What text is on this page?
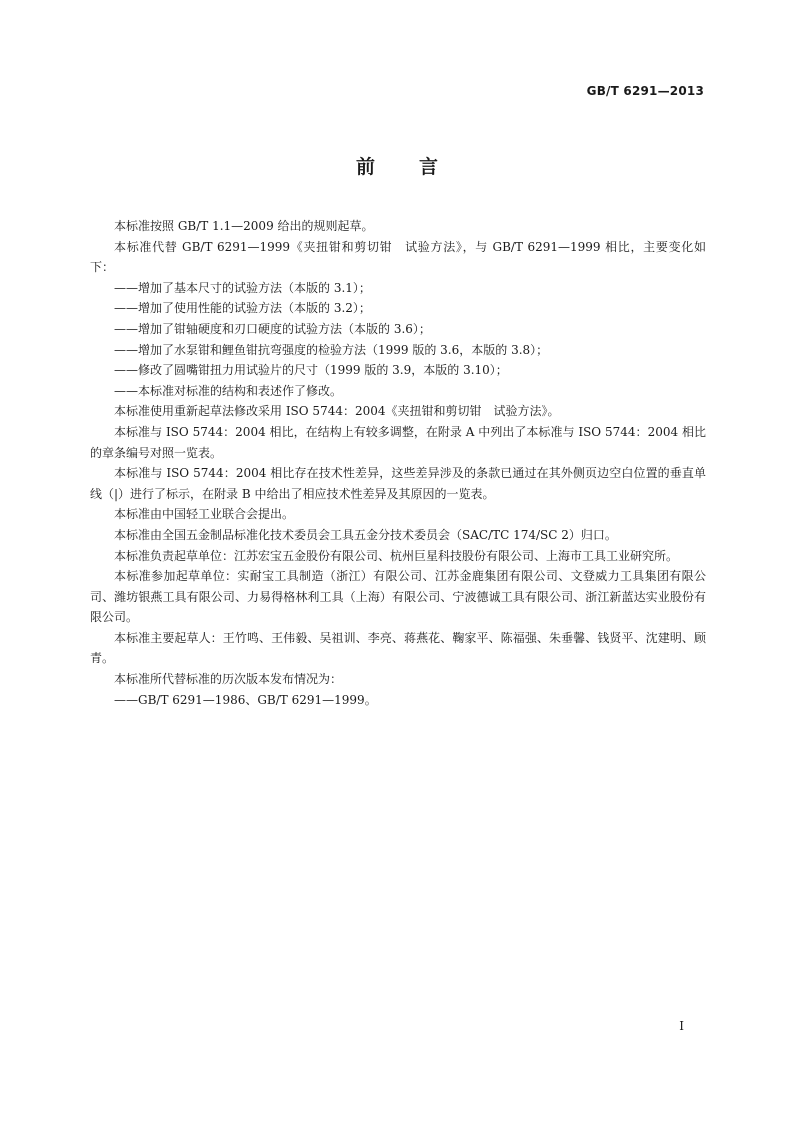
GB/T 6291—2013
前言

本标准按照 GB/T 1.1—2009 给出的规则起草。

本标准代替 GB/T 6291—1999《夹扭钳和剪切钳　试验方法》，与 GB/T 6291—1999 相比，主要变化如下：

——增加了基本尺寸的试验方法（本版的 3.1）；

——增加了使用性能的试验方法（本版的 3.2）；

——增加了钳轴硬度和刃口硬度的试验方法（本版的 3.6）；

——增加了水泵钳和鲤鱼钳抗弯强度的检验方法（1999 版的 3.6，本版的 3.8）；

——修改了圆嘴钳扭力用试验片的尺寸（1999 版的 3.9，本版的 3.10）；

——本标准对标准的结构和表述作了修改。

本标准使用重新起草法修改采用 ISO 5744：2004《夹扭钳和剪切钳　试验方法》。

本标准与 ISO 5744：2004 相比，在结构上有较多调整，在附录 A 中列出了本标准与 ISO 5744：2004 相比的章条编号对照一览表。

本标准与 ISO 5744：2004 相比存在技术性差异，这些差异涉及的条款已通过在其外侧页边空白位置的垂直单线（|）进行了标示，在附录 B 中给出了相应技术性差异及其原因的一览表。

本标准由中国轻工业联合会提出。

本标准由全国五金制品标准化技术委员会工具五金分技术委员会（SAC/TC 174/SC 2）归口。

本标准负责起草单位：江苏宏宝五金股份有限公司、杭州巨星科技股份有限公司、上海市工具工业研究所。

本标准参加起草单位：实耐宝工具制造（浙江）有限公司、江苏金鹿集团有限公司、文登威力工具集团有限公司、潍坊银燕工具有限公司、力易得格林利工具（上海）有限公司、宁波德诚工具有限公司、浙江新蓝达实业股份有限公司。

本标准主要起草人：王竹鸣、王伟毅、吴祖训、李亮、蒋燕花、鞠家平、陈福强、朱垂馨、钱贤平、沈建明、顾青。

本标准所代替标准的历次版本发布情况为：

——GB/T 6291—1986、GB/T 6291—1999。

I
